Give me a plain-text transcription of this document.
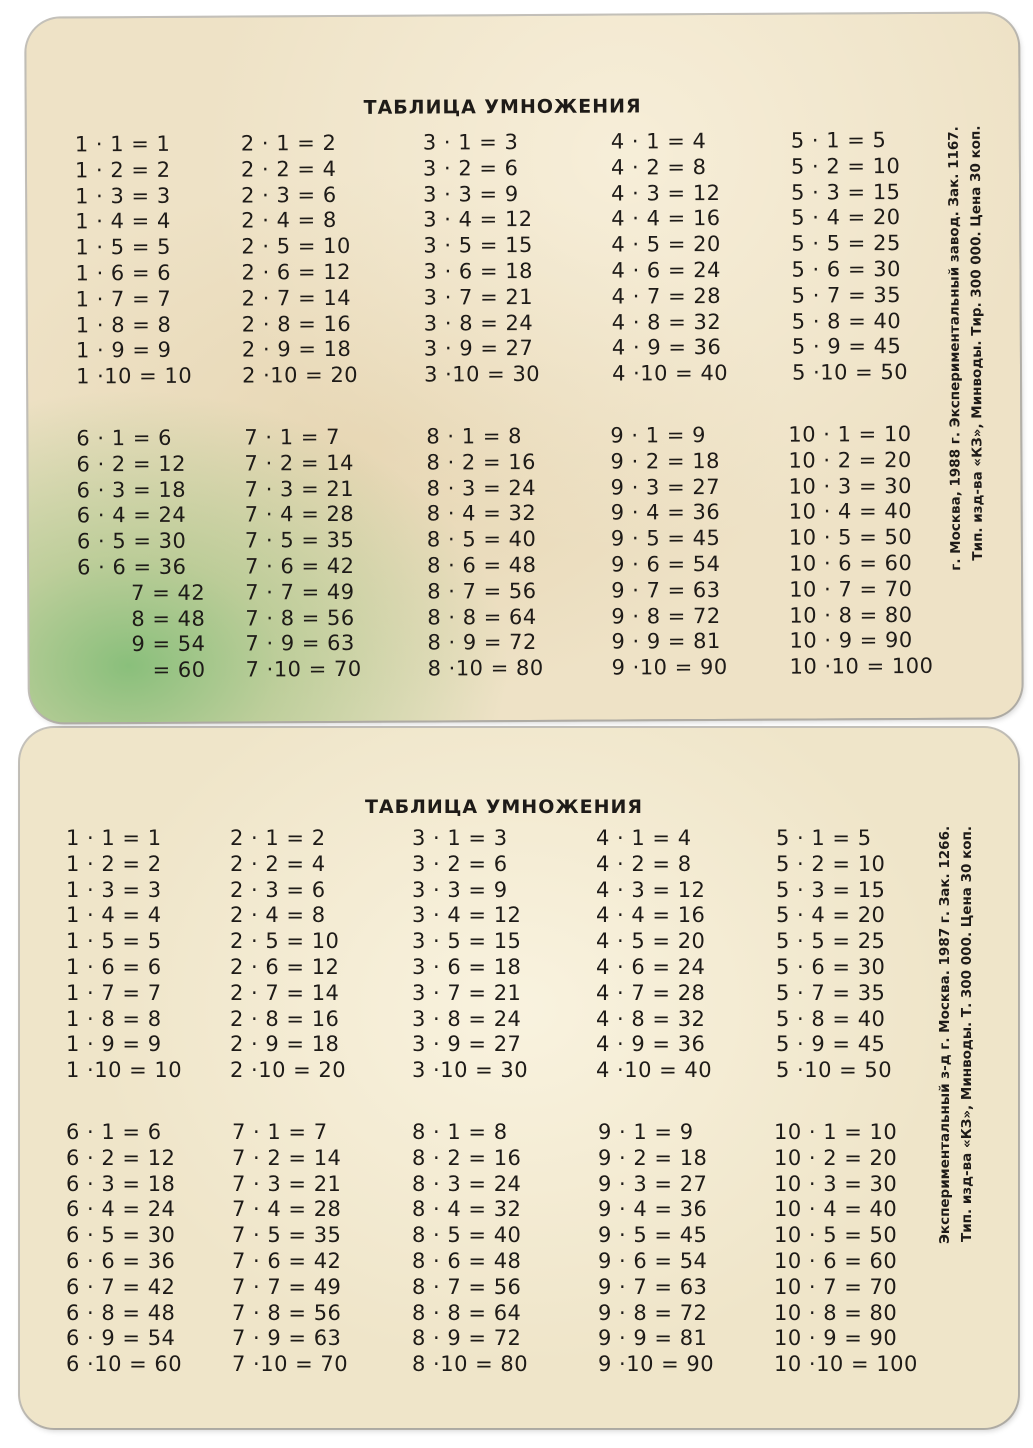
ТАБЛИЦА УМНОЖЕНИЯ
1 · 1 = 1
1 · 2 = 2
1 · 3 = 3
1 · 4 = 4
1 · 5 = 5
1 · 6 = 6
1 · 7 = 7
1 · 8 = 8
1 · 9 = 9
1 ·10 = 10
2 · 1 = 2
2 · 2 = 4
2 · 3 = 6
2 · 4 = 8
2 · 5 = 10
2 · 6 = 12
2 · 7 = 14
2 · 8 = 16
2 · 9 = 18
2 ·10 = 20
3 · 1 = 3
3 · 2 = 6
3 · 3 = 9
3 · 4 = 12
3 · 5 = 15
3 · 6 = 18
3 · 7 = 21
3 · 8 = 24
3 · 9 = 27
3 ·10 = 30
4 · 1 = 4
4 · 2 = 8
4 · 3 = 12
4 · 4 = 16
4 · 5 = 20
4 · 6 = 24
4 · 7 = 28
4 · 8 = 32
4 · 9 = 36
4 ·10 = 40
5 · 1 = 5
5 · 2 = 10
5 · 3 = 15
5 · 4 = 20
5 · 5 = 25
5 · 6 = 30
5 · 7 = 35
5 · 8 = 40
5 · 9 = 45
5 ·10 = 50
6 · 1 = 6
6 · 2 = 12
6 · 3 = 18
6 · 4 = 24
6 · 5 = 30
6 · 6 = 36
7 = 42
8 = 48
9 = 54
= 60
7 · 1 = 7
7 · 2 = 14
7 · 3 = 21
7 · 4 = 28
7 · 5 = 35
7 · 6 = 42
7 · 7 = 49
7 · 8 = 56
7 · 9 = 63
7 ·10 = 70
8 · 1 = 8
8 · 2 = 16
8 · 3 = 24
8 · 4 = 32
8 · 5 = 40
8 · 6 = 48
8 · 7 = 56
8 · 8 = 64
8 · 9 = 72
8 ·10 = 80
9 · 1 = 9
9 · 2 = 18
9 · 3 = 27
9 · 4 = 36
9 · 5 = 45
9 · 6 = 54
9 · 7 = 63
9 · 8 = 72
9 · 9 = 81
9 ·10 = 90
10 · 1 = 10
10 · 2 = 20
10 · 3 = 30
10 · 4 = 40
10 · 5 = 50
10 · 6 = 60
10 · 7 = 70
10 · 8 = 80
10 · 9 = 90
10 ·10 = 100
г. Москва, 1988 г. Экспериментальный завод. Зак. 1167. Тип. изд-ва «КЗ», Минводы. Тир. 300 000. Цена 30 коп.
ТАБЛИЦА УМНОЖЕНИЯ
1 · 1 = 1
1 · 2 = 2
1 · 3 = 3
1 · 4 = 4
1 · 5 = 5
1 · 6 = 6
1 · 7 = 7
1 · 8 = 8
1 · 9 = 9
1 ·10 = 10
2 · 1 = 2
2 · 2 = 4
2 · 3 = 6
2 · 4 = 8
2 · 5 = 10
2 · 6 = 12
2 · 7 = 14
2 · 8 = 16
2 · 9 = 18
2 ·10 = 20
3 · 1 = 3
3 · 2 = 6
3 · 3 = 9
3 · 4 = 12
3 · 5 = 15
3 · 6 = 18
3 · 7 = 21
3 · 8 = 24
3 · 9 = 27
3 ·10 = 30
4 · 1 = 4
4 · 2 = 8
4 · 3 = 12
4 · 4 = 16
4 · 5 = 20
4 · 6 = 24
4 · 7 = 28
4 · 8 = 32
4 · 9 = 36
4 ·10 = 40
5 · 1 = 5
5 · 2 = 10
5 · 3 = 15
5 · 4 = 20
5 · 5 = 25
5 · 6 = 30
5 · 7 = 35
5 · 8 = 40
5 · 9 = 45
5 ·10 = 50
6 · 1 = 6
6 · 2 = 12
6 · 3 = 18
6 · 4 = 24
6 · 5 = 30
6 · 6 = 36
6 · 7 = 42
6 · 8 = 48
6 · 9 = 54
6 ·10 = 60
7 · 1 = 7
7 · 2 = 14
7 · 3 = 21
7 · 4 = 28
7 · 5 = 35
7 · 6 = 42
7 · 7 = 49
7 · 8 = 56
7 · 9 = 63
7 ·10 = 70
8 · 1 = 8
8 · 2 = 16
8 · 3 = 24
8 · 4 = 32
8 · 5 = 40
8 · 6 = 48
8 · 7 = 56
8 · 8 = 64
8 · 9 = 72
8 ·10 = 80
9 · 1 = 9
9 · 2 = 18
9 · 3 = 27
9 · 4 = 36
9 · 5 = 45
9 · 6 = 54
9 · 7 = 63
9 · 8 = 72
9 · 9 = 81
9 ·10 = 90
10 · 1 = 10
10 · 2 = 20
10 · 3 = 30
10 · 4 = 40
10 · 5 = 50
10 · 6 = 60
10 · 7 = 70
10 · 8 = 80
10 · 9 = 90
10 ·10 = 100
Экспериментальный з-д г. Москва. 1987 г. Зак. 1266. Тип. изд-ва «КЗ», Минводы. Т. 300 000. Цена 30 коп.
